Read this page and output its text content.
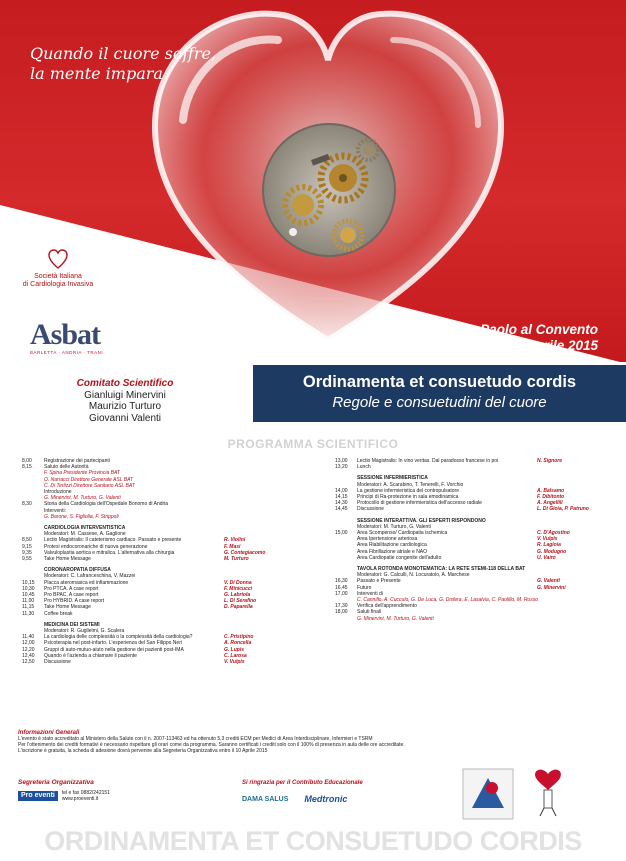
Quando il cuore soffre,
la mente impara
Società Italiana
di Cardiologia Invasiva
Asbat
BARLETTA · ANDRIA · TRANI
San Paolo al Convento
Trani 18 Aprile 2015
Comitato Scientifico
Gianluigi Minervini
Maurizio Turturo
Giovanni Valenti
Ordinamenta et consuetudo cordis
Regole e consuetudini del cuore
PROGRAMMA SCIENTIFICO
8,00	Registrazione dei partecipanti
8,15	Saluto delle Autorità
F. Spina Presidente Provincia BAT
O. Narracci Direttore Generale ASL BAT
C. Di Terlizzi Direttore Sanitario ASL BAT
Introduzione
G. Minervini, M. Turturo, G. Valenti
8,30	Storia della Cardiologia dell'Ospedale Bonomo di Andria
Interventi:
G. Barone, S. Figliolia, F. Strippoli
CARDIOLOGIA INTERVENTISTICA
Moderatori: M. Cassese, A. Gaglione
8,50	Lectio Magistralis: Il cateterismo cardiaco. Passato e presente	R. Violini
9,15	Protesi endocoronariche di nuova generazione	F. Masi
9,35	Valvuloplastia aortica e mitralica. L'alternativa alla chirurgia	G. Contegiacomo
9,55	Take Home Message	M. Turturo
CORONAROPATIA DIFFUSA
Moderatori: C. Lafranceschina, V. Mazzei
10,15	Placca ateromasica ed infiammazione	V. Di Donna
10,30	Pro PTCA. A case report	F. Minicucci
10,45	Pro BPAC. A case report	G. Labriola
11,00	Pro HYBRID. A case report	L. Di Serafino
11,15	Take Home Message	D. Paparella
11,30	Coffee break
MEDICINA DEI SISTEMI
Moderatori: R. Guglielmi, G. Scalera
11,40	La cardiologia delle complessità o la complessità della cardiologia?	C. Pristipino
12,00	Psicoterapia nel post-infarto. L'esperienza del San Filippo Neri	A. Roncella
12,20	Gruppi di auto-mutuo-aiuto nella gestione dei pazienti post-IMA	G. Lupis
12,40	Quando è l'azienda a chiamare il paziente	C. Larosa
12,50	Discussione	V. Vulpis
13,00	Lectio Magistralis: In vino veritas. Dal paradosso francese in poi	N. Signore
13,20	Lunch
SESSIONE INFERMIERISTICA
Moderatori: A. Scarabino, T. Tenerelli, F. Vorchio
14,00	La gestione infermieristica del contropulsatore	A. Balsamo
14,15	Principi di Ra-protezione in sala emodinamica	F. Dibitonto
14,30	Protocollo di gestione infermieristica dell'accesso radiale	A. Angellili
14,45	Discussione	L. Di Gioia, P. Patruno
SESSIONE INTERATTIVA. GLI ESPERTI RISPONDONO
Moderatori: M. Turturo, G. Valenti
15,00	Area Scompenso/ Cardiopatia ischemica	C. D'Agostino
Area Ipertensione arteriosa	V. Vulpis
Area Riabilitazione cardiologica	R. Lagioia
Area Fibrillazione atriale e NAO	G. Modugno
Area Cardiopatie congenite dell'adulto	U. Vairo
TAVOLA ROTONDA MONOTEMATICA: LA RETE STEMI-118 DELLA BAT
Moderatori: G. Calculli, N. Locuratolo, A. Marchese
16,30	Passato e Presente	G. Valenti
16,45	Futuro	G. Minervini
17,00	Interventi di
C. Cannillo, A. Cucculo, G. De Luca, G. Disfera, E. Lasalvia, C. Paolillo, M. Russo
17,30	Verifica dell'apprendimento
18,00	Saluti finali
G. Minervini, M. Turturo, G. Valenti
Informazioni Generali
L'evento è stato accreditato al Ministero della Salute con il n. 2007-113463 ed ha ottenuto 5,3 crediti ECM per Medici di Area Interdisciplinare, Infermieri e TSRM
Per l'ottenimento dei crediti formativi è necessario rispettare gli orari come da programma. Saranno certificati i crediti solo con il 100% di presenza in aula delle ore accreditate.
L'iscrizione è gratuita, la scheda di adesione dovrà pervenire alla Segreteria Organizzativa entro il 10 Aprile 2015
Segreteria Organizzativa
Pro eventi	tel e fax 0882/242151
www.proeventi.it
Si ringrazia per il Contributo Educazionale
DAMA SALUS Medtronic
ORDINAMENTA ET CONSUETUDO CORDIS
